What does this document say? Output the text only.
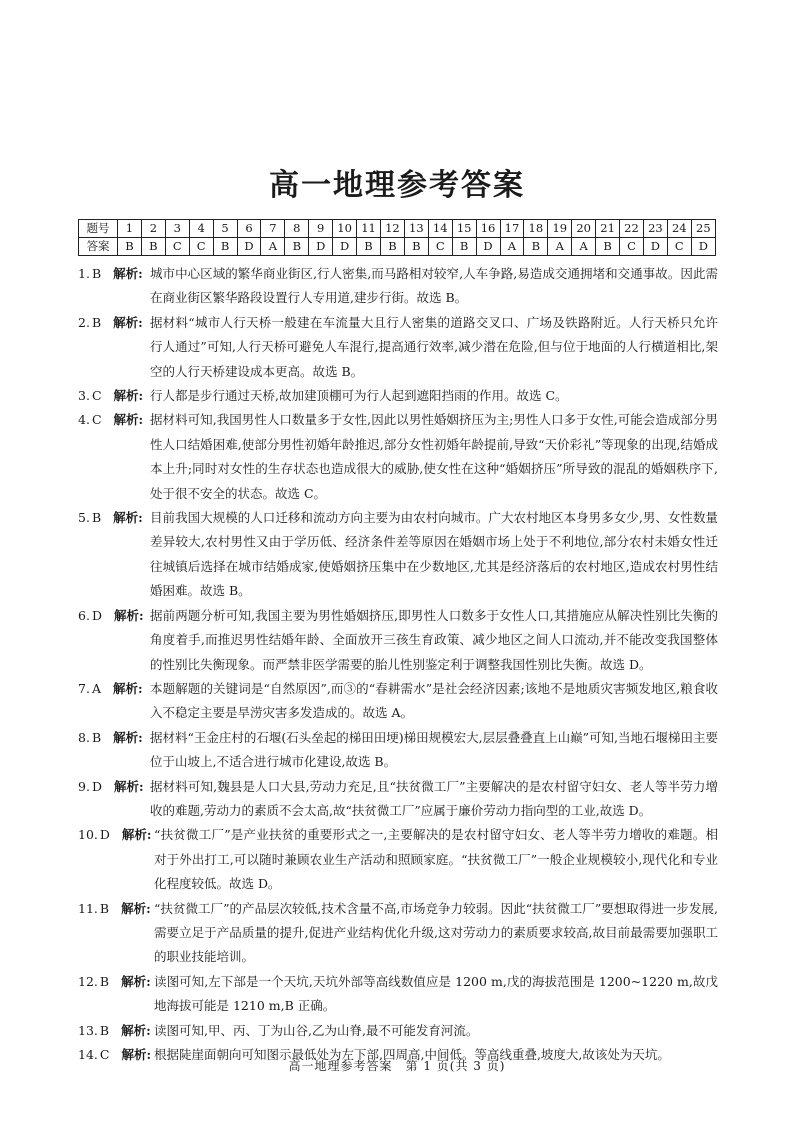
高一地理参考答案
题号	1	2	3	4	5	6	7	8	9	10	11	12	13	14	15	16	17	18	19	20	21	22	23	24	25
答案	B	B	C	C	B	D	A	B	D	D	B	B	B	C	B	D	A	B	A	A	B	C	D	C	D
1. B 解析: 城市中心区域的繁华商业街区,行人密集,而马路相对较窄,人车争路,易造成交通拥堵和交通事故。因此需在商业街区繁华路段设置行人专用道,建步行街。故选 B。
2. B 解析: 据材料“城市人行天桥一般建在车流量大且行人密集的道路交叉口、广场及铁路附近。人行天桥只允许行人通过”可知,人行天桥可避免人车混行,提高通行效率,减少潜在危险,但与位于地面的人行横道相比,架空的人行天桥建设成本更高。故选 B。
3. C 解析: 行人都是步行通过天桥,故加建顶棚可为行人起到遮阳挡雨的作用。故选 C。
4. C 解析: 据材料可知,我国男性人口数量多于女性,因此以男性婚姻挤压为主;男性人口多于女性,可能会造成部分男性人口结婚困难,使部分男性初婚年龄推迟,部分女性初婚年龄提前,导致“天价彩礼”等现象的出现,结婚成本上升;同时对女性的生存状态也造成很大的威胁,使女性在这种“婚姻挤压”所导致的混乱的婚姻秩序下,处于很不安全的状态。故选 C。
5. B 解析: 目前我国大规模的人口迁移和流动方向主要为由农村向城市。广大农村地区本身男多女少,男、女性数量差异较大,农村男性又由于学历低、经济条件差等原因在婚姻市场上处于不利地位,部分农村未婚女性迁往城镇后选择在城市结婚成家,使婚姻挤压集中在少数地区,尤其是经济落后的农村地区,造成农村男性结婚困难。故选 B。
6. D 解析: 据前两题分析可知,我国主要为男性婚姻挤压,即男性人口数多于女性人口,其措施应从解决性别比失衡的角度着手,而推迟男性结婚年龄、全面放开三孩生育政策、减少地区之间人口流动,并不能改变我国整体的性别比失衡现象。而严禁非医学需要的胎儿性别鉴定利于调整我国性别比失衡。故选 D。
7. A 解析: 本题解题的关键词是“自然原因”,而③的“春耕需水”是社会经济因素;该地不是地质灾害频发地区,粮食收入不稳定主要是旱涝灾害多发造成的。故选 A。
8. B 解析: 据材料“王金庄村的石堰(石头垒起的梯田田埂)梯田规模宏大,层层叠叠直上山巅”可知,当地石堰梯田主要位于山坡上,不适合进行城市化建设,故选 B。
9. D 解析: 据材料可知,魏县是人口大县,劳动力充足,且“扶贫微工厂”主要解决的是农村留守妇女、老人等半劳力增收的难题,劳动力的素质不会太高,故“扶贫微工厂”应属于廉价劳动力指向型的工业,故选 D。
10. D 解析: “扶贫微工厂”是产业扶贫的重要形式之一,主要解决的是农村留守妇女、老人等半劳力增收的难题。相对于外出打工,可以随时兼顾农业生产活动和照顾家庭。“扶贫微工厂”一般企业规模较小,现代化和专业化程度较低。故选 D。
11. B 解析: “扶贫微工厂”的产品层次较低,技术含量不高,市场竞争力较弱。因此“扶贫微工厂”要想取得进一步发展,需要立足于产品质量的提升,促进产业结构优化升级,这对劳动力的素质要求较高,故目前最需要加强职工的职业技能培训。
12. B 解析: 读图可知,左下部是一个天坑,天坑外部等高线数值应是 1200 m,戊的海拔范围是 1200~1220 m,故戊地海拔可能是 1210 m,B 正确。
13. B 解析: 读图可知,甲、丙、丁为山谷,乙为山脊,最不可能发育河流。
14. C 解析: 根据陡崖面朝向可知图示最低处为左下部,四周高,中间低。等高线重叠,坡度大,故该处为天坑。
高一地理参考答案　第 1 页(共 3 页)
